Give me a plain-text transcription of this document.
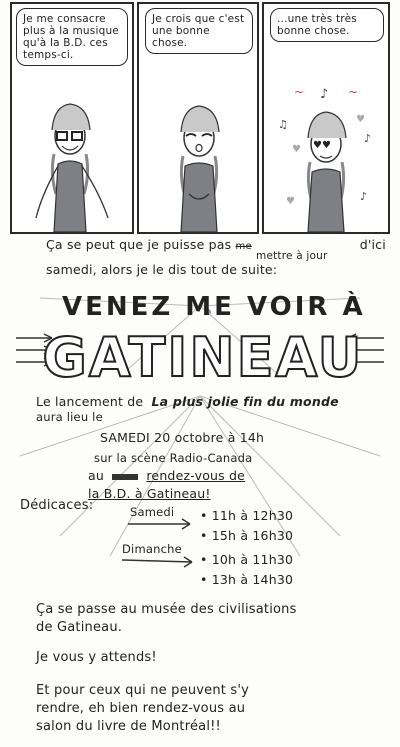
Je me consacre plus à la musique qu'à la B.D. ces temps-ci.
Je crois que c'est une bonne chose.
...une très très bonne chose.
~ ♪ ~
♫
♪
♥
♥
♥	♪
♥♥
Ça se peut que je puisse pas me $_{mettre à jour}$ d'ici
samedi, alors je le dis tout de suite:
VENEZ ME VOIR À
GATINEAU
Le lancement de La plus jolie fin du monde
aura lieu le
SAMEDI 20 octobre à 14h
sur la scène Radio-Canada
au	rendez-vous de
la B.D. à Gatineau!
Dédicaces:	Samedi • 11h à 12h30
• 15h à 16h30
Dimanche
• 10h à 11h30
• 13h à 14h30
Ça se passe au musée des civilisations
de Gatineau.
Je vous y attends!
Et pour ceux qui ne peuvent s'y
rendre, eh bien rendez-vous au
salon du livre de Montréal!!
